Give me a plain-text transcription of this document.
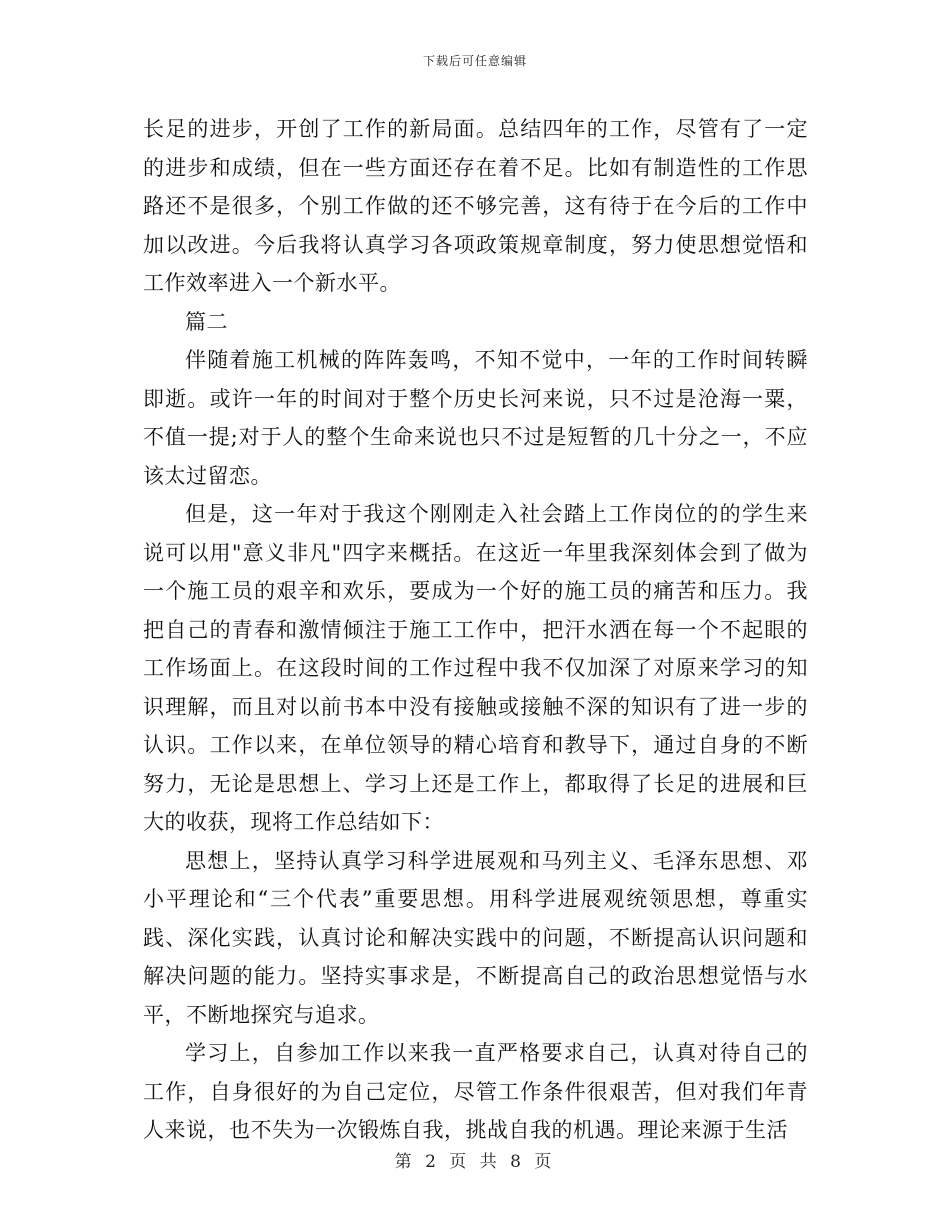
下载后可任意编辑

长足的进步，开创了工作的新局面。总结四年的工作，尽管有了一定的进步和成绩，但在一些方面还存在着不足。比如有制造性的工作思路还不是很多，个别工作做的还不够完善，这有待于在今后的工作中加以改进。今后我将认真学习各项政策规章制度，努力使思想觉悟和工作效率进入一个新水平。

篇二

伴随着施工机械的阵阵轰鸣，不知不觉中，一年的工作时间转瞬即逝。或许一年的时间对于整个历史长河来说，只不过是沧海一粟，不值一提;对于人的整个生命来说也只不过是短暂的几十分之一，不应该太过留恋。

但是，这一年对于我这个刚刚走入社会踏上工作岗位的的学生来说可以用"意义非凡"四字来概括。在这近一年里我深刻体会到了做为一个施工员的艰辛和欢乐，要成为一个好的施工员的痛苦和压力。我把自己的青春和激情倾注于施工工作中，把汗水洒在每一个不起眼的工作场面上。在这段时间的工作过程中我不仅加深了对原来学习的知识理解，而且对以前书本中没有接触或接触不深的知识有了进一步的认识。工作以来，在单位领导的精心培育和教导下，通过自身的不断努力，无论是思想上、学习上还是工作上，都取得了长足的进展和巨大的收获，现将工作总结如下：

思想上，坚持认真学习科学进展观和马列主义、毛泽东思想、邓小平理论和“三个代表”重要思想。用科学进展观统领思想，尊重实践、深化实践，认真讨论和解决实践中的问题，不断提高认识问题和解决问题的能力。坚持实事求是，不断提高自己的政治思想觉悟与水平，不断地探究与追求。

学习上，自参加工作以来我一直严格要求自己，认真对待自己的工作，自身很好的为自己定位，尽管工作条件很艰苦，但对我们年青人来说，也不失为一次锻炼自我，挑战自我的机遇。理论来源于生活

第 2 页 共 8 页
